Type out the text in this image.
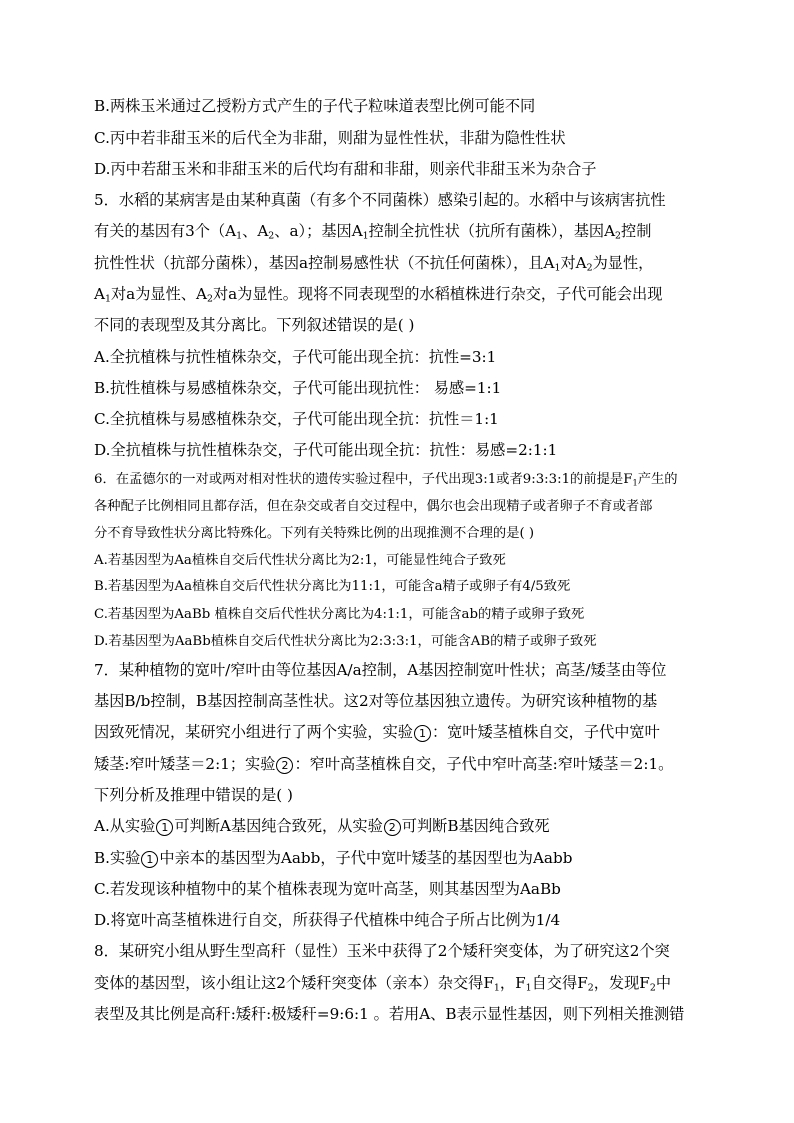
B.两株玉米通过乙授粉方式产生的子代子粒味道表型比例可能不同
C.丙中若非甜玉米的后代全为非甜，则甜为显性性状，非甜为隐性性状
D.丙中若甜玉米和非甜玉米的后代均有甜和非甜，则亲代非甜玉米为杂合子
5．水稻的某病害是由某种真菌（有多个不同菌株）感染引起的。水稻中与该病害抗性
有关的基因有3个（$A_1$、$A_2$、a）；基因$A_1$控制全抗性状（抗所有菌株），基因$A_2$控制
抗性性状（抗部分菌株），基因a控制易感性状（不抗任何菌株），且$A_1$对$A_2$为显性，
$A_1$对a为显性、$A_2$对a为显性。现将不同表现型的水稻植株进行杂交，子代可能会出现
不同的表现型及其分离比。下列叙述错误的是( )
A.全抗植株与抗性植株杂交，子代可能出现全抗：抗性=3:1
B.抗性植株与易感植株杂交，子代可能出现抗性： 易感=1:1
C.全抗植株与易感植株杂交，子代可能出现全抗：抗性＝1:1
D.全抗植株与抗性植株杂交，子代可能出现全抗：抗性：易感=2:1:1
6．在孟德尔的一对或两对相对性状的遗传实验过程中，子代出现3:1或者9:3:3:1的前提是$F_1$产生的
各种配子比例相同且都存活，但在杂交或者自交过程中，偶尔也会出现精子或者卵子不育或者部
分不育导致性状分离比特殊化。下列有关特殊比例的出现推测不合理的是( )
A.若基因型为Aa植株自交后代性状分离比为2:1，可能显性纯合子致死
B.若基因型为Aa植株自交后代性状分离比为11:1，可能含a精子或卵子有4/5致死
C.若基因型为AaBb 植株自交后代性状分离比为4:1:1，可能含ab的精子或卵子致死
D.若基因型为AaBb植株自交后代性状分离比为2:3:3:1，可能含AB的精子或卵子致死
7．某种植物的宽叶/窄叶由等位基因A/a控制，A基因控制宽叶性状；高茎/矮茎由等位
基因B/b控制，B基因控制高茎性状。这2对等位基因独立遗传。为研究该种植物的基
因致死情况，某研究小组进行了两个实验，实验 1 ：宽叶矮茎植株自交，子代中宽叶
矮茎:窄叶矮茎＝2:1；实验 2 ：窄叶高茎植株自交，子代中窄叶高茎:窄叶矮茎＝2:1。
下列分析及推理中错误的是( )
A.从实验 1 可判断A基因纯合致死，从实验 2 可判断B基因纯合致死
B.实验 1 中亲本的基因型为Aabb，子代中宽叶矮茎的基因型也为Aabb
C.若发现该种植物中的某个植株表现为宽叶高茎，则其基因型为AaBb
D.将宽叶高茎植株进行自交，所获得子代植株中纯合子所占比例为1/4
8．某研究小组从野生型高秆（显性）玉米中获得了2个矮秆突变体，为了研究这2个突
变体的基因型，该小组让这2个矮秆突变体（亲本）杂交得$F_1$，$F_1$自交得$F_2$，发现$F_2$中
表型及其比例是高秆:矮秆:极矮秆=9:6:1 。若用A、B表示显性基因，则下列相关推测错
